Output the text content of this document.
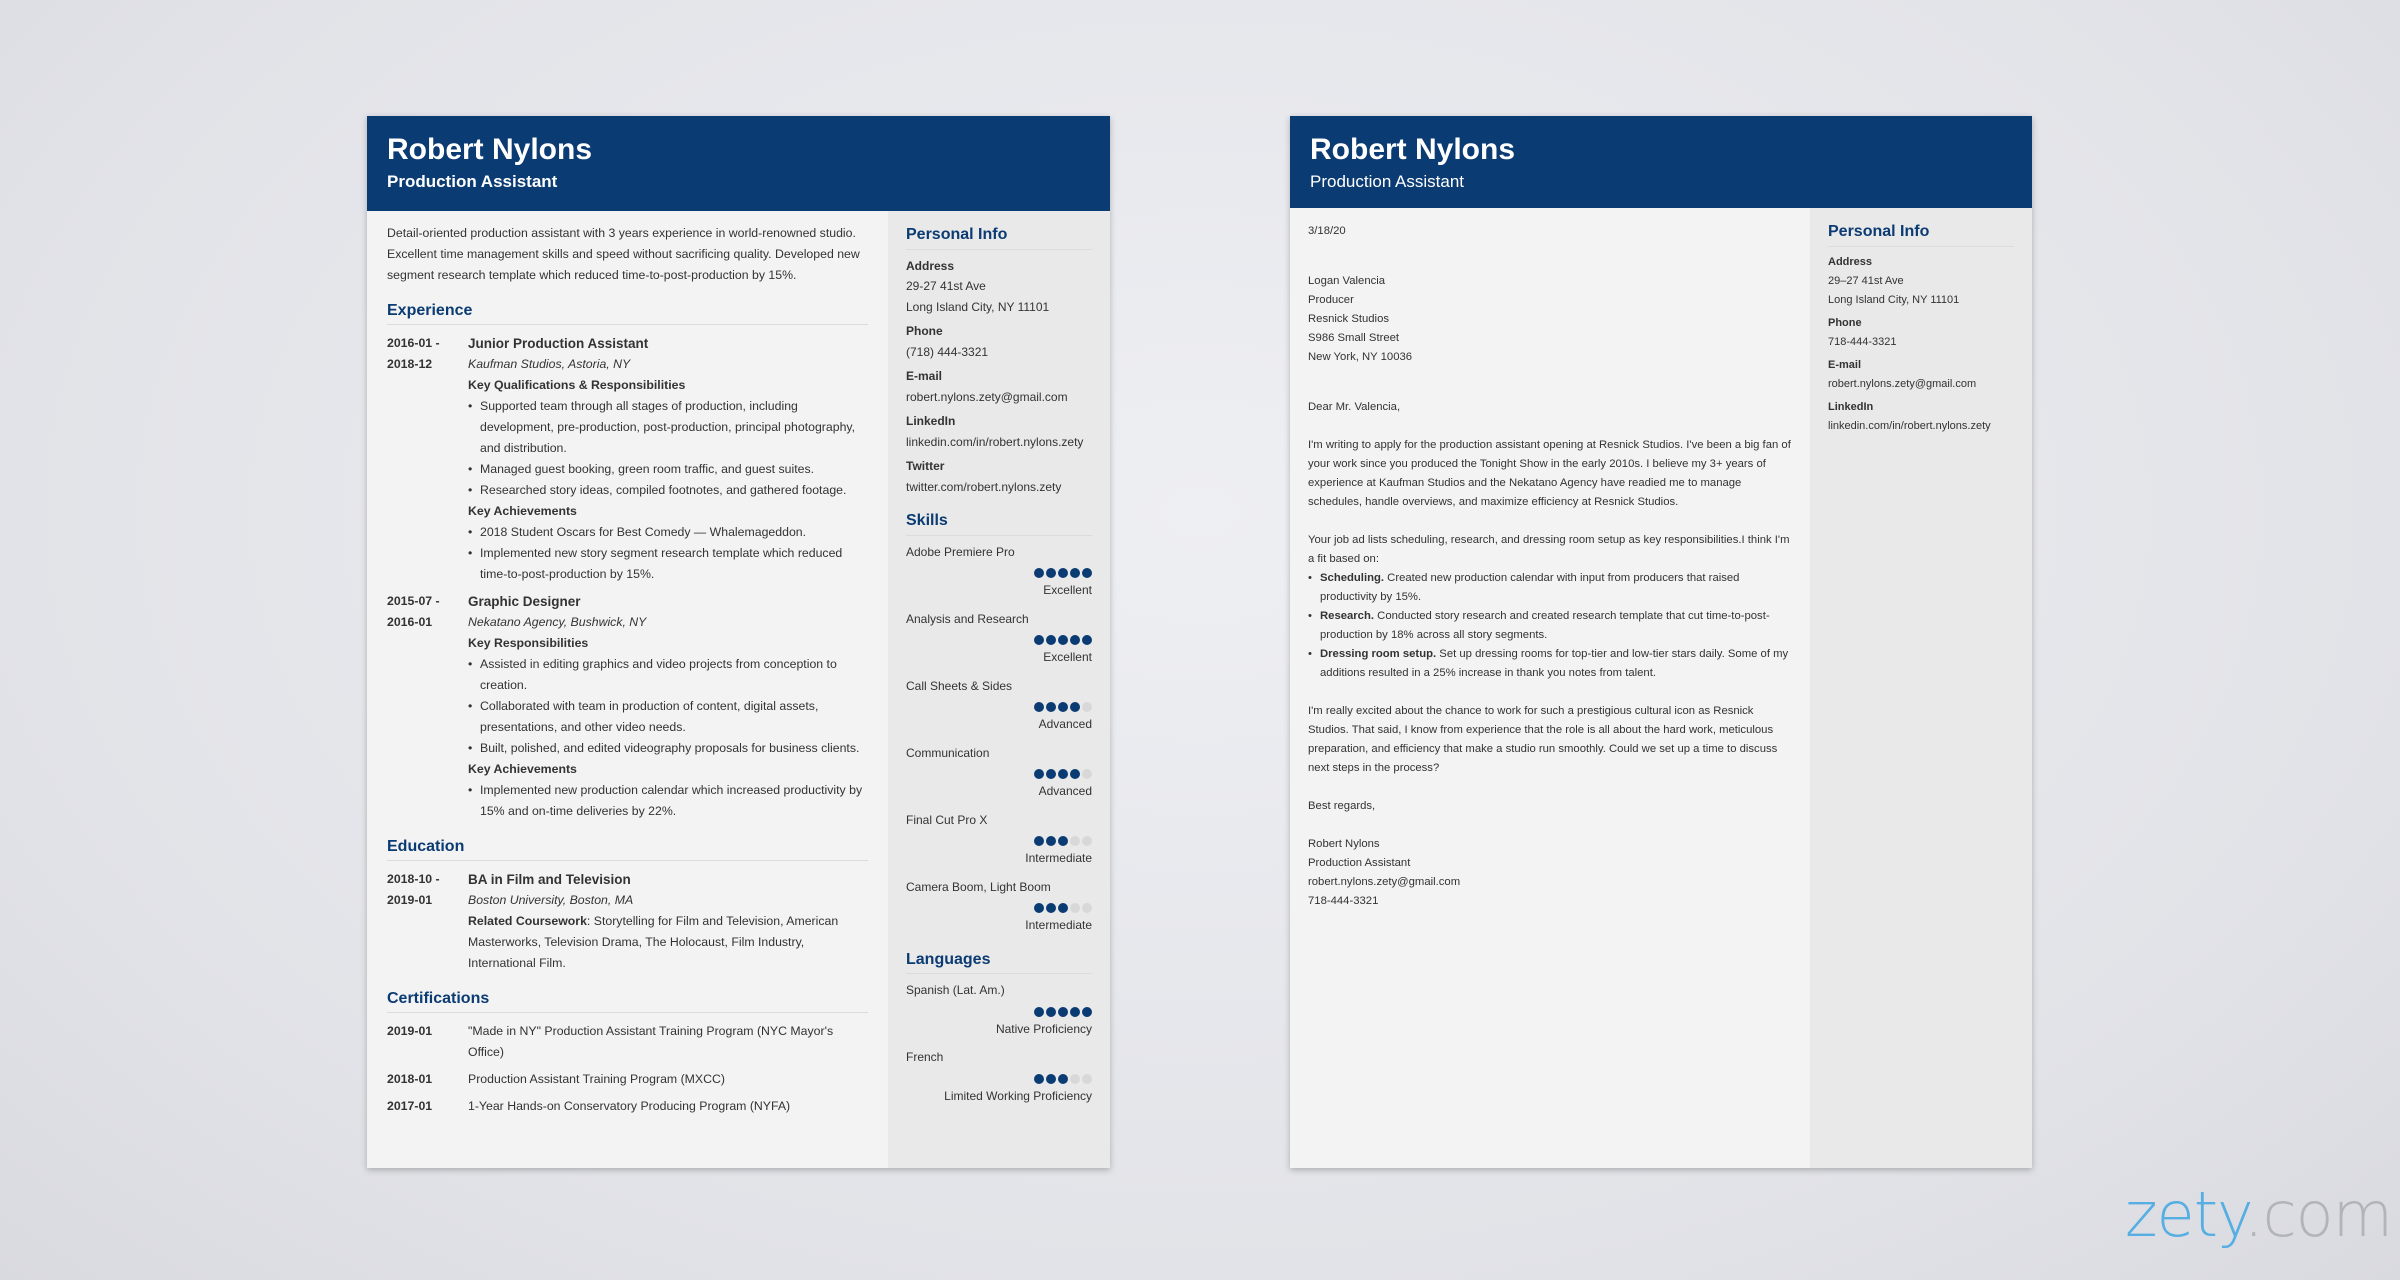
Robert Nylons
Production Assistant

Detail-oriented production assistant with 3 years experience in world-renowned studio. Excellent time management skills and speed without sacrificing quality. Developed new segment research template which reduced time-to-post-production by 15%.

Experience
2016-01 -
2018-12
Junior Production Assistant
Kaufman Studios, Astoria, NY
Key Qualifications & Responsibilities
• Supported team through all stages of production, including development, pre-production, post-production, principal photography, and distribution.
• Managed guest booking, green room traffic, and guest suites.
• Researched story ideas, compiled footnotes, and gathered footage.
Key Achievements
• 2018 Student Oscars for Best Comedy — Whalemageddon.
• Implemented new story segment research template which reduced time-to-post-production by 15%.
2015-07 -
2016-01
Graphic Designer
Nekatano Agency, Bushwick, NY
Key Responsibilities
• Assisted in editing graphics and video projects from conception to creation.
• Collaborated with team in production of content, digital assets, presentations, and other video needs.
• Built, polished, and edited videography proposals for business clients.
Key Achievements
• Implemented new production calendar which increased productivity by 15% and on-time deliveries by 22%.
Education
2018-10 -
2019-01
BA in Film and Television
Boston University, Boston, MA
Related Coursework: Storytelling for Film and Television, American Masterworks, Television Drama, The Holocaust, Film Industry, International Film.
Certifications
2019-01	"Made in NY" Production Assistant Training Program (NYC Mayor's Office)
2018-01	Production Assistant Training Program (MXCC)
2017-01	1-Year Hands-on Conservatory Producing Program (NYFA)
Personal Info
Address
29-27 41st Ave
Long Island City, NY 11101
Phone
(718) 444-3321
E-mail
robert.nylons.zety@gmail.com
LinkedIn
linkedin.com/in/robert.nylons.zety
Twitter
twitter.com/robert.nylons.zety
Skills
Adobe Premiere Pro
Excellent
Analysis and Research
Excellent
Call Sheets & Sides
Advanced
Communication
Advanced
Final Cut Pro X
Intermediate
Camera Boom, Light Boom
Intermediate
Languages
Spanish (Lat. Am.)
Native Proficiency
French
Limited Working Proficiency
Robert Nylons
Production Assistant
3/18/20
Logan Valencia
Producer
Resnick Studios
S986 Small Street
New York, NY 10036
Dear Mr. Valencia,

I'm writing to apply for the production assistant opening at Resnick Studios. I've been a big fan of your work since you produced the Tonight Show in the early 2010s. I believe my 3+ years of experience at Kaufman Studios and the Nekatano Agency have readied me to manage schedules, handle overviews, and maximize efficiency at Resnick Studios.

Your job ad lists scheduling, research, and dressing room setup as key responsibilities.I think I'm a fit based on:

• Scheduling. Created new production calendar with input from producers that raised productivity by 15%.
• Research. Conducted story research and created research template that cut time-to-post-production by 18% across all story segments.
• Dressing room setup. Set up dressing rooms for top-tier and low-tier stars daily. Some of my additions resulted in a 25% increase in thank you notes from talent.

I'm really excited about the chance to work for such a prestigious cultural icon as Resnick Studios. That said, I know from experience that the role is all about the hard work, meticulous preparation, and efficiency that make a studio run smoothly. Could we set up a time to discuss next steps in the process?

Best regards,
Robert Nylons
Production Assistant
robert.nylons.zety@gmail.com
718-444-3321
Personal Info
Address
29–27 41st Ave
Long Island City, NY 11101
Phone
718-444-3321
E-mail
robert.nylons.zety@gmail.com
LinkedIn
linkedin.com/in/robert.nylons.zety
zety.com
